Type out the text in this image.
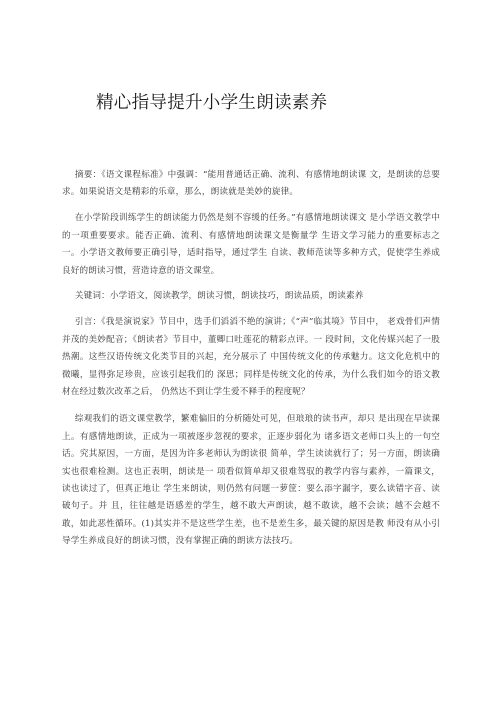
精心指导提升小学生朗读素养

摘要：《语文课程标准》中强调：“能用普通话正确、流利、有感情地朗读课 文，是朗读的总要求。如果说语文是精彩的乐章，那么，朗读就是美妙的旋律。

在小学阶段训练学生的朗读能力仍然是刻不容缓的任务。”有感情地朗读课文 是小学语文教学中的一项重要要求。能否正确、流利、有感情地朗读课文是衡量学 生语文学习能力的重要标志之一。小学语文教师要正确引导，适时指导，通过学生 自读、教师范读等多种方式，促使学生养成良好的朗读习惯，营造诗意的语文课堂。

关键词：小学语文，阅读教学，朗读习惯，朗读技巧，朗读品质，朗读素养

引言：《我是演说家》节目中，选手们滔滔不绝的演讲；《“声”临其境》节目中， 老戏骨们声情并茂的美妙配音；《朗读者》节目中，董卿口吐莲花的精彩点评。一 段时间，文化传媒兴起了一股热潮。这些汉语传统文化类节目的兴起，充分展示了 中国传统文化的传承魅力。这文化危机中的微曦，显得弥足珍贵，应该引起我们的 深思；同样是传统文化的传承，为什么我们如今的语文教材在经过数次改革之后， 仍然达不到让学生爱不释手的程度呢？

综观我们的语文课堂教学，繁难偏旧的分析随处可见，但琅琅的读书声，却只 是出现在早读课上。有感情地朗读，正成为一项被逐步忽视的要求，正逐步弱化为 诸多语文老师口头上的一句空话。究其原因，一方面，是因为许多老师认为朗读很 简单，学生读读就行了；另一方面，朗读确实也很难检测。这也正表明，朗读是一 项看似简单却又很难驾驭的教学内容与素养，一篇课文，读也读过了，但真正地让 学生来朗读，则仍然有问题一萝筐：要么添字漏字，要么读错字音、读破句子。并 且，往往越是语感差的学生，越不敢大声朗读，越不敢读，越不会读；越不会越不 敢，如此恶性循环。(1)其实并不是这些学生差，也不是差生多，最关键的原因是教 师没有从小引导学生养成良好的朗读习惯，没有掌握正确的朗读方法技巧。
